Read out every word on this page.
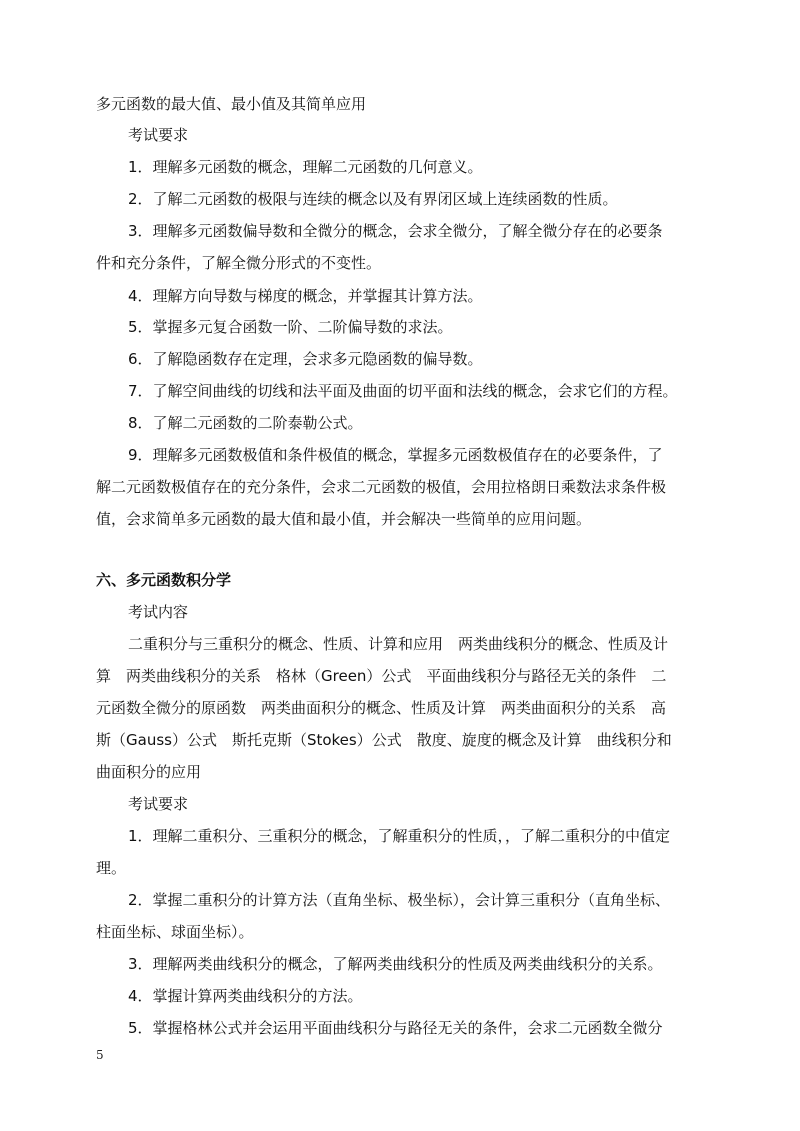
多元函数的最大值、最小值及其简单应用
考试要求
1．理解多元函数的概念，理解二元函数的几何意义。
2．了解二元函数的极限与连续的概念以及有界闭区域上连续函数的性质。
3．理解多元函数偏导数和全微分的概念，会求全微分，了解全微分存在的必要条
件和充分条件，了解全微分形式的不变性。
4．理解方向导数与梯度的概念，并掌握其计算方法。
5．掌握多元复合函数一阶、二阶偏导数的求法。
6．了解隐函数存在定理，会求多元隐函数的偏导数。
7．了解空间曲线的切线和法平面及曲面的切平面和法线的概念，会求它们的方程。
8．了解二元函数的二阶泰勒公式。
9．理解多元函数极值和条件极值的概念，掌握多元函数极值存在的必要条件，了
解二元函数极值存在的充分条件，会求二元函数的极值，会用拉格朗日乘数法求条件极
值，会求简单多元函数的最大值和最小值，并会解决一些简单的应用问题。
六、多元函数积分学
考试内容
二重积分与三重积分的概念、性质、计算和应用　两类曲线积分的概念、性质及计
算　两类曲线积分的关系　格林（Green）公式　平面曲线积分与路径无关的条件　二
元函数全微分的原函数　两类曲面积分的概念、性质及计算　两类曲面积分的关系　高
斯（Gauss）公式　斯托克斯（Stokes）公式　散度、旋度的概念及计算　曲线积分和
曲面积分的应用
考试要求
1．理解二重积分、三重积分的概念，了解重积分的性质，，了解二重积分的中值定
理。
2．掌握二重积分的计算方法（直角坐标、极坐标），会计算三重积分（直角坐标、
柱面坐标、球面坐标）。
3．理解两类曲线积分的概念，了解两类曲线积分的性质及两类曲线积分的关系。
4．掌握计算两类曲线积分的方法。
5．掌握格林公式并会运用平面曲线积分与路径无关的条件，会求二元函数全微分
5
